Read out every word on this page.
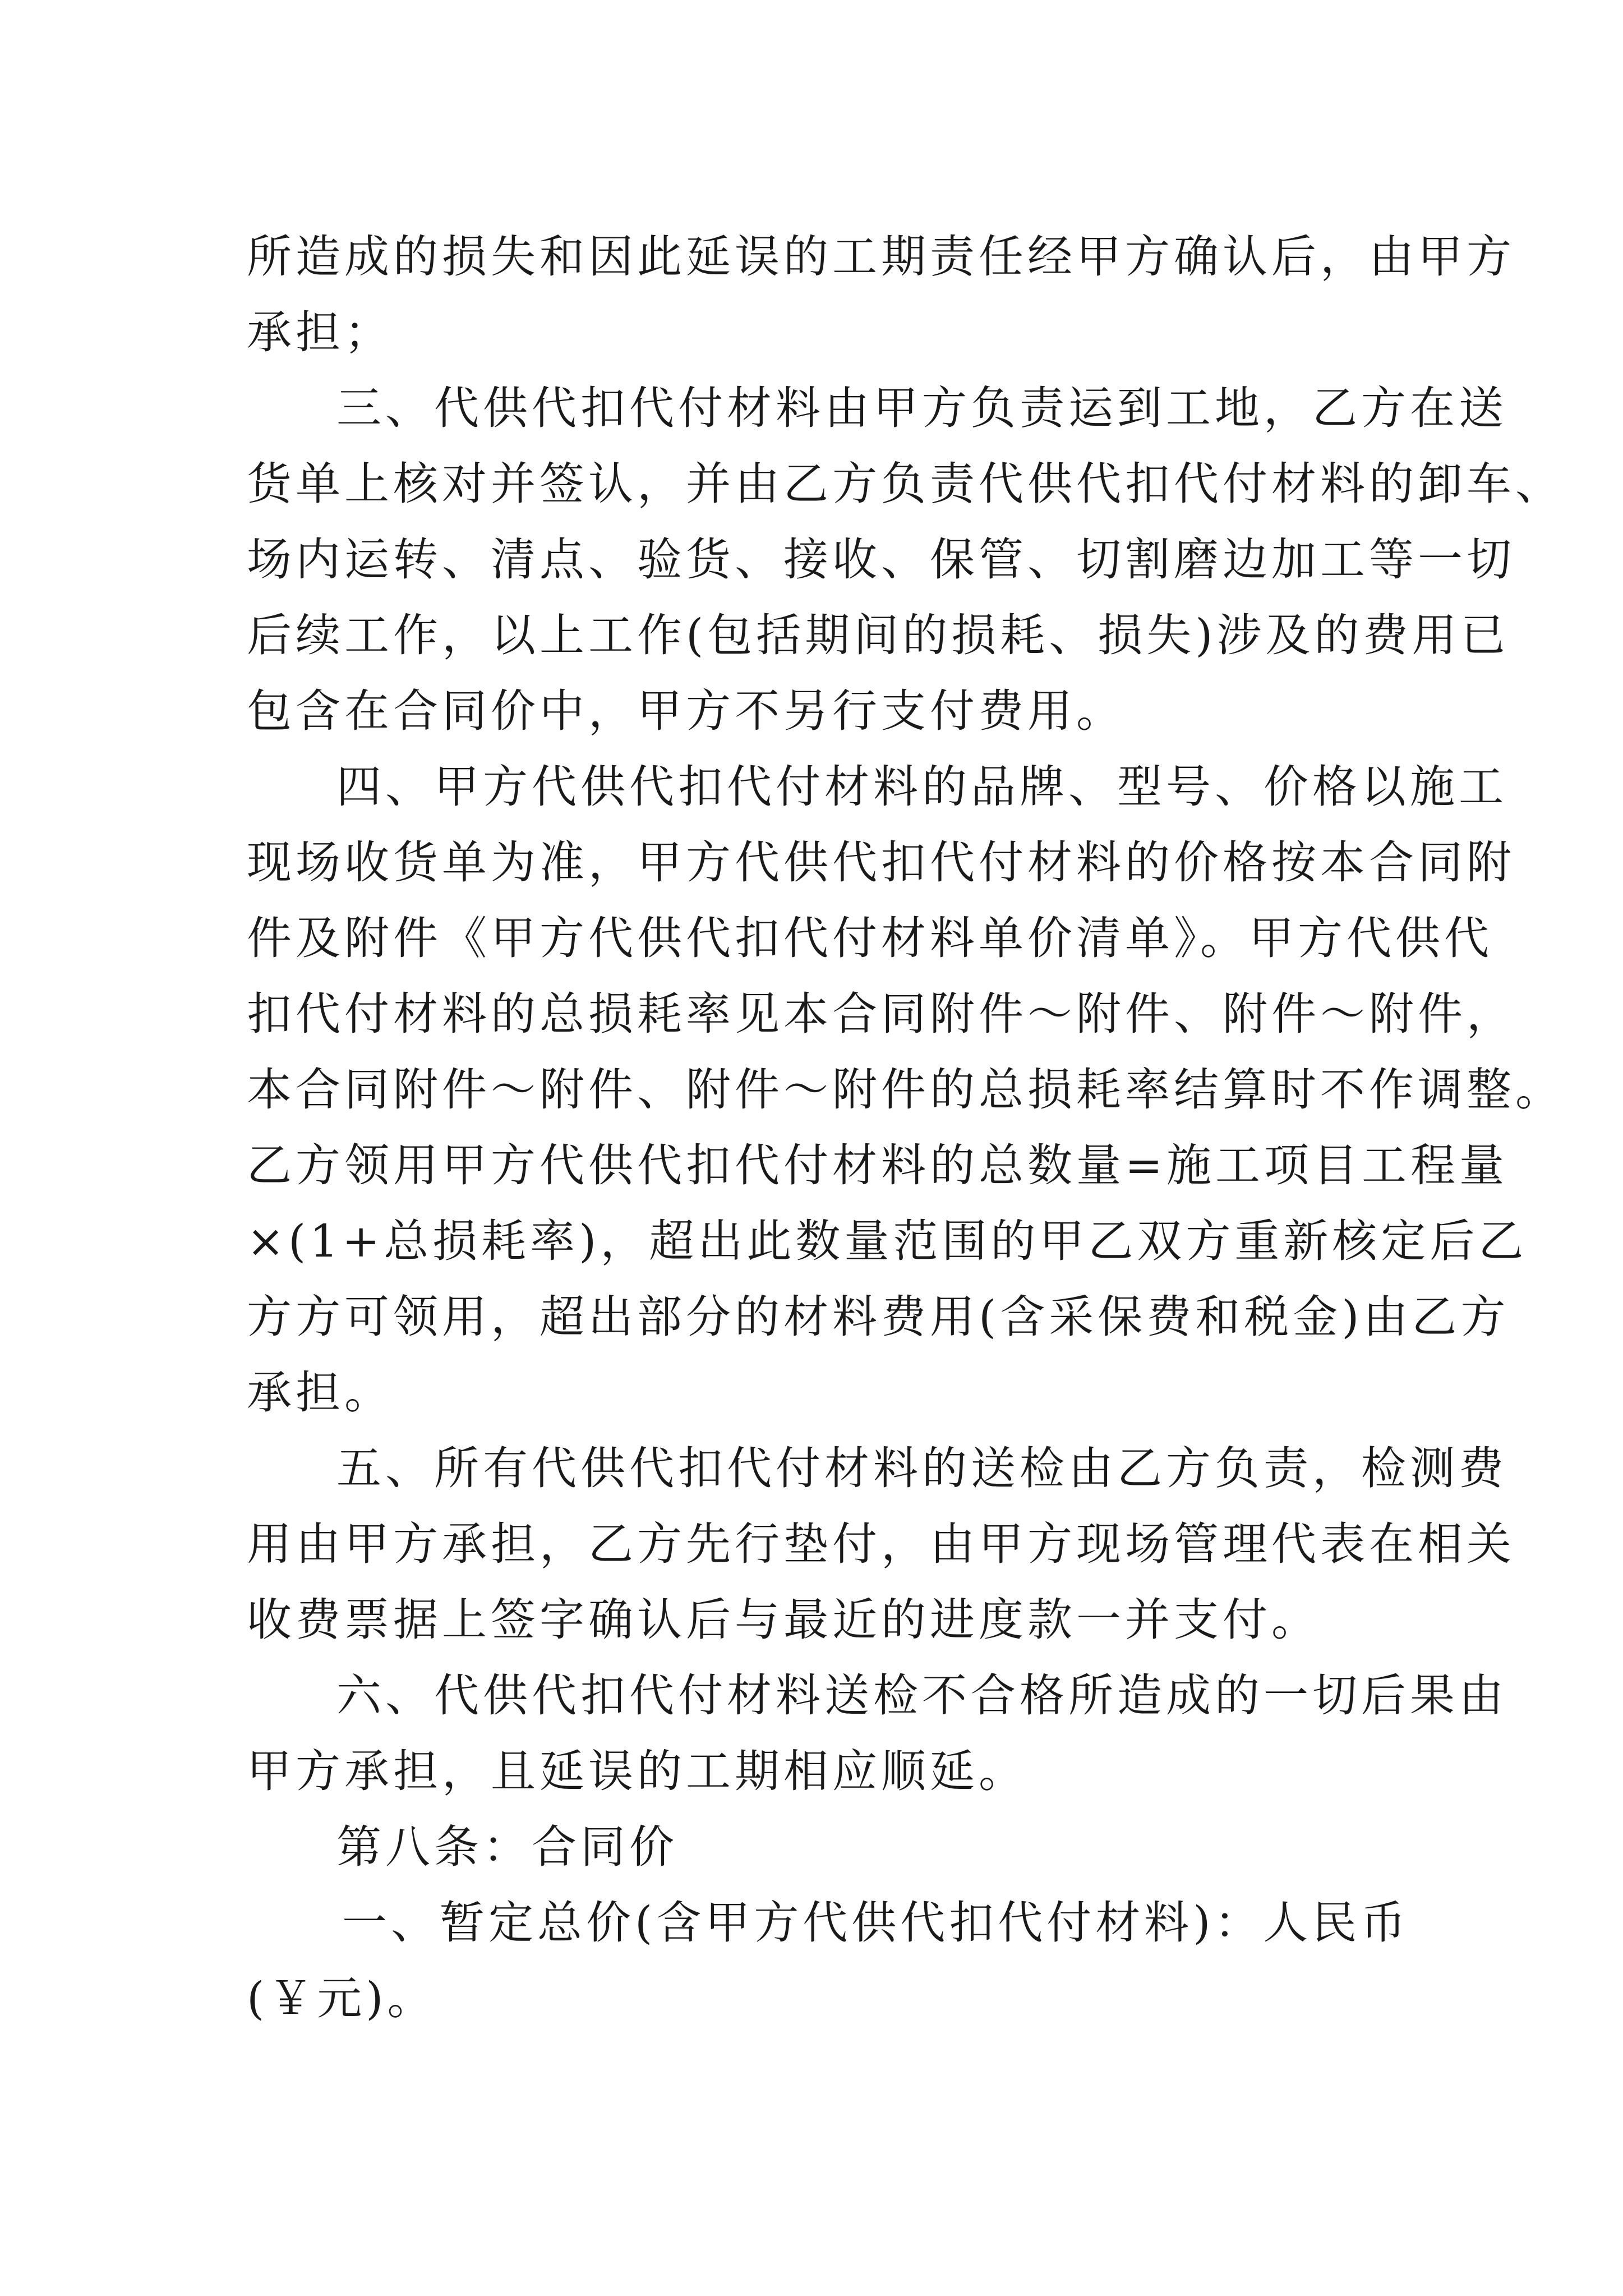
所造成的损失和因此延误的工期责任经甲方确认后，由甲方
承担；
三、代供代扣代付材料由甲方负责运到工地，乙方在送
货单上核对并签认，并由乙方负责代供代扣代付材料的卸车、
场内运转、清点、验货、接收、保管、切割磨边加工等一切
后续工作，以上工作(包括期间的损耗、损失)涉及的费用已
包含在合同价中，甲方不另行支付费用。
四、甲方代供代扣代付材料的品牌、型号、价格以施工
现场收货单为准，甲方代供代扣代付材料的价格按本合同附
件及附件《甲方代供代扣代付材料单价清单》。甲方代供代
扣代付材料的总损耗率见本合同附件～附件、附件～附件，
本合同附件～附件、附件～附件的总损耗率结算时不作调整。
乙方领用甲方代供代扣代付材料的总数量=施工项目工程量
×(1+总损耗率)，超出此数量范围的甲乙双方重新核定后乙
方方可领用，超出部分的材料费用(含采保费和税金)由乙方
承担。
五、所有代供代扣代付材料的送检由乙方负责，检测费
用由甲方承担，乙方先行垫付，由甲方现场管理代表在相关
收费票据上签字确认后与最近的进度款一并支付。
六、代供代扣代付材料送检不合格所造成的一切后果由
甲方承担，且延误的工期相应顺延。
第八条：合同价
一、暂定总价(含甲方代供代扣代付材料)：人民币
(￥元)。
